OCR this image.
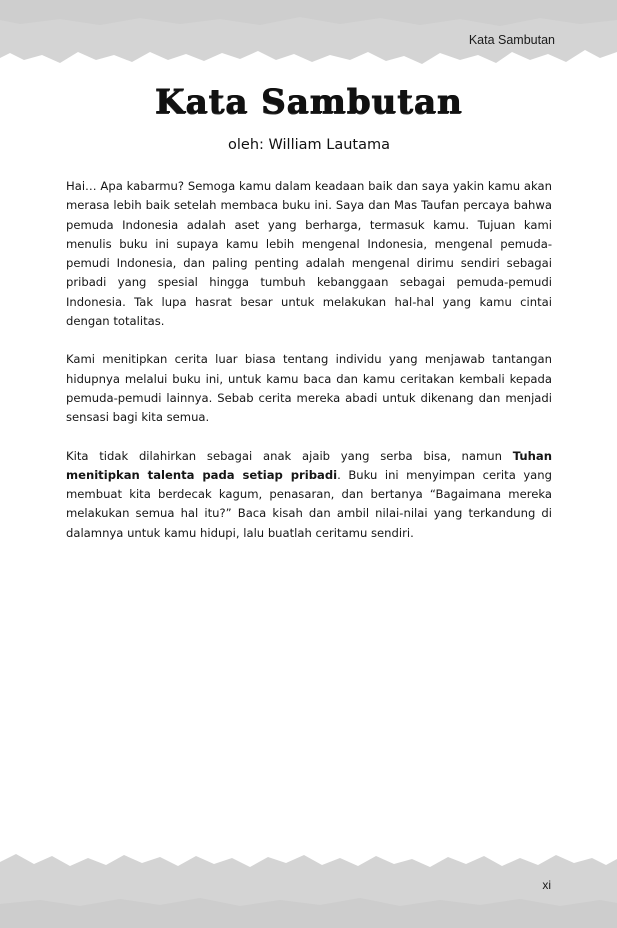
Kata Sambutan
Kata Sambutan
oleh: William Lautama

Hai… Apa kabarmu? Semoga kamu dalam keadaan baik dan saya yakin kamu akan merasa lebih baik setelah membaca buku ini. Saya dan Mas Taufan percaya bahwa pemuda Indonesia adalah aset yang berharga, termasuk kamu. Tujuan kami menulis buku ini supaya kamu lebih mengenal Indonesia, mengenal pemuda-pemudi Indonesia, dan paling penting adalah mengenal dirimu sendiri sebagai pribadi yang spesial hingga tumbuh kebanggaan sebagai pemuda-pemudi Indonesia. Tak lupa hasrat besar untuk melakukan hal-hal yang kamu cintai dengan totalitas.

Kami menitipkan cerita luar biasa tentang individu yang menjawab tantangan hidupnya melalui buku ini, untuk kamu baca dan kamu ceritakan kembali kepada pemuda-pemudi lainnya. Sebab cerita mereka abadi untuk dikenang dan menjadi sensasi bagi kita semua.

Kita tidak dilahirkan sebagai anak ajaib yang serba bisa, namun Tuhan menitipkan talenta pada setiap pribadi. Buku ini menyimpan cerita yang membuat kita berdecak kagum, penasaran, dan bertanya “Bagaimana mereka melakukan semua hal itu?” Baca kisah dan ambil nilai-nilai yang terkandung di dalamnya untuk kamu hidupi, lalu buatlah ceritamu sendiri.

xi
